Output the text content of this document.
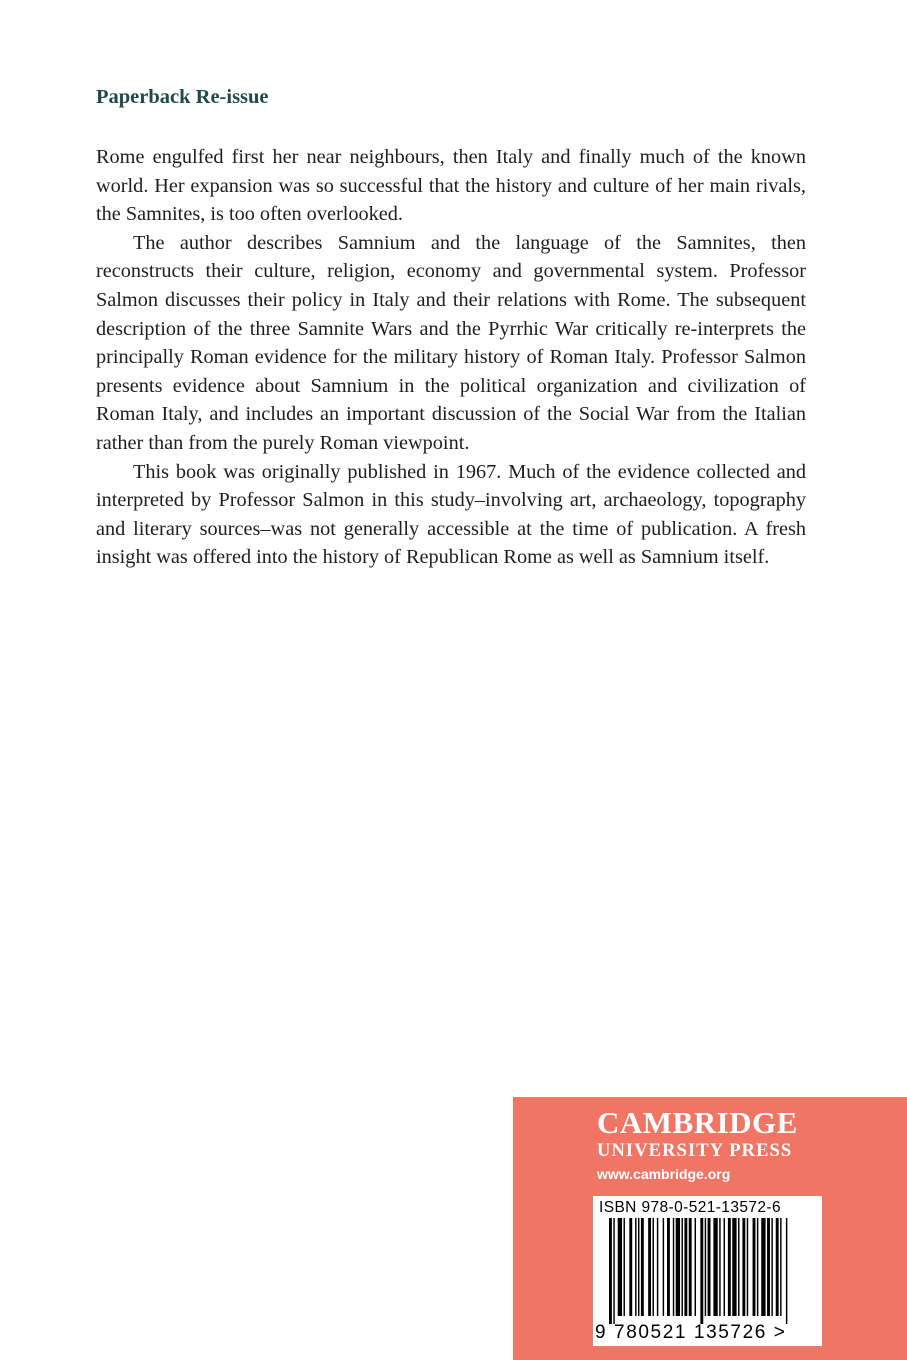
Paperback Re-issue

Rome engulfed first her near neighbours, then Italy and finally much of the known world. Her expansion was so successful that the history and culture of her main rivals, the Samnites, is too often overlooked.

The author describes Samnium and the language of the Samnites, then reconstructs their culture, religion, economy and governmental system. Professor Salmon discusses their policy in Italy and their relations with Rome. The subsequent description of the three Samnite Wars and the Pyrrhic War critically re-interprets the principally Roman evidence for the military history of Roman Italy. Professor Salmon presents evidence about Samnium in the political organization and civilization of Roman Italy, and includes an important discussion of the Social War from the Italian rather than from the purely Roman viewpoint.

This book was originally published in 1967. Much of the evidence collected and interpreted by Professor Salmon in this study–involving art, archaeology, topography and literary sources–was not generally accessible at the time of publication. A fresh insight was offered into the history of Republican Rome as well as Samnium itself.

CAMBRIDGE
UNIVERSITY PRESS
www.cambridge.org
ISBN 978-0-521-13572-6
9 780521 135726 >
